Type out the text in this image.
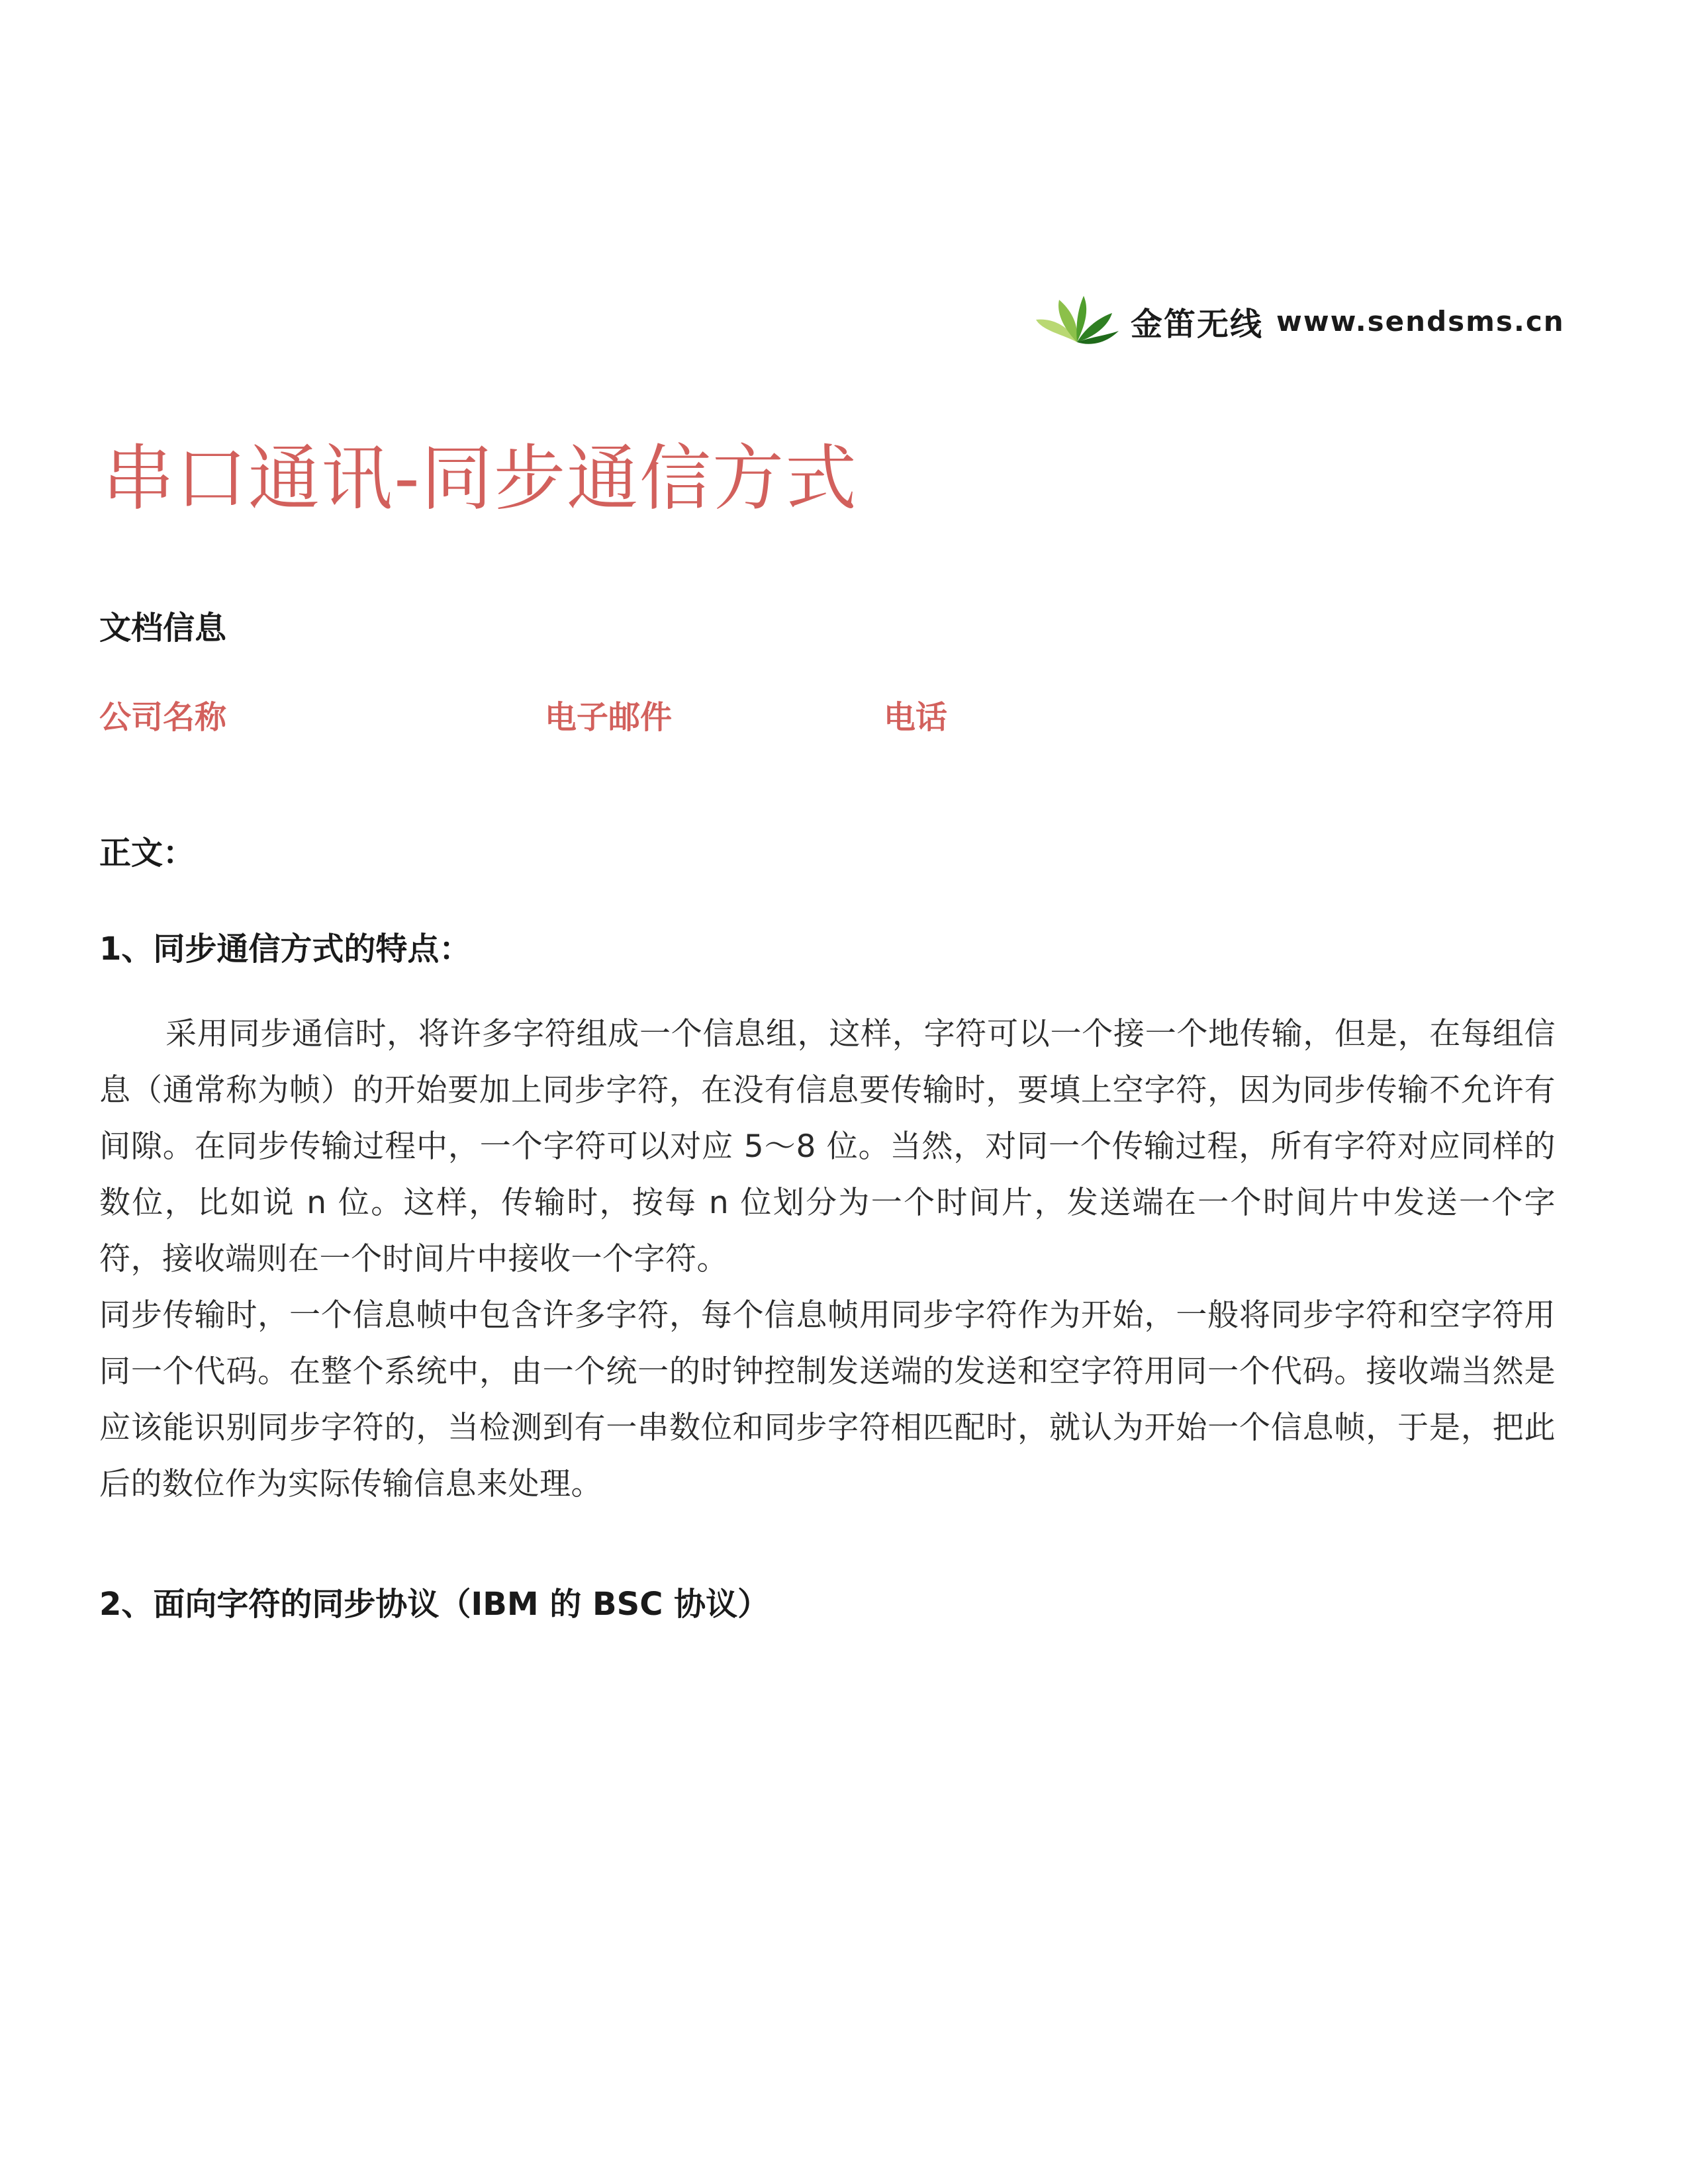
金笛无线 www.sendsms.cn
串口通讯-同步通信方式
文档信息
公司名称	电子邮件	电话
正文：
1、同步通信方式的特点：

采用同步通信时，将许多字符组成一个信息组，这样，字符可以一个接一个地传输，但是，在每组信息（通常称为帧）的开始要加上同步字符，在没有信息要传输时，要填上空字符，因为同步传输不允许有间隙。在同步传输过程中，一个字符可以对应 5～8 位。当然，对同一个传输过程，所有字符对应同样的数位，比如说 n 位。这样，传输时，按每 n 位划分为一个时间片，发送端在一个时间片中发送一个字符，接收端则在一个时间片中接收一个字符。

同步传输时，一个信息帧中包含许多字符，每个信息帧用同步字符作为开始，一般将同步字符和空字符用同一个代码。在整个系统中，由一个统一的时钟控制发送端的发送和空字符用同一个代码。接收端当然是应该能识别同步字符的，当检测到有一串数位和同步字符相匹配时，就认为开始一个信息帧，于是，把此后的数位作为实际传输信息来处理。

2、面向字符的同步协议（IBM 的 BSC 协议）
